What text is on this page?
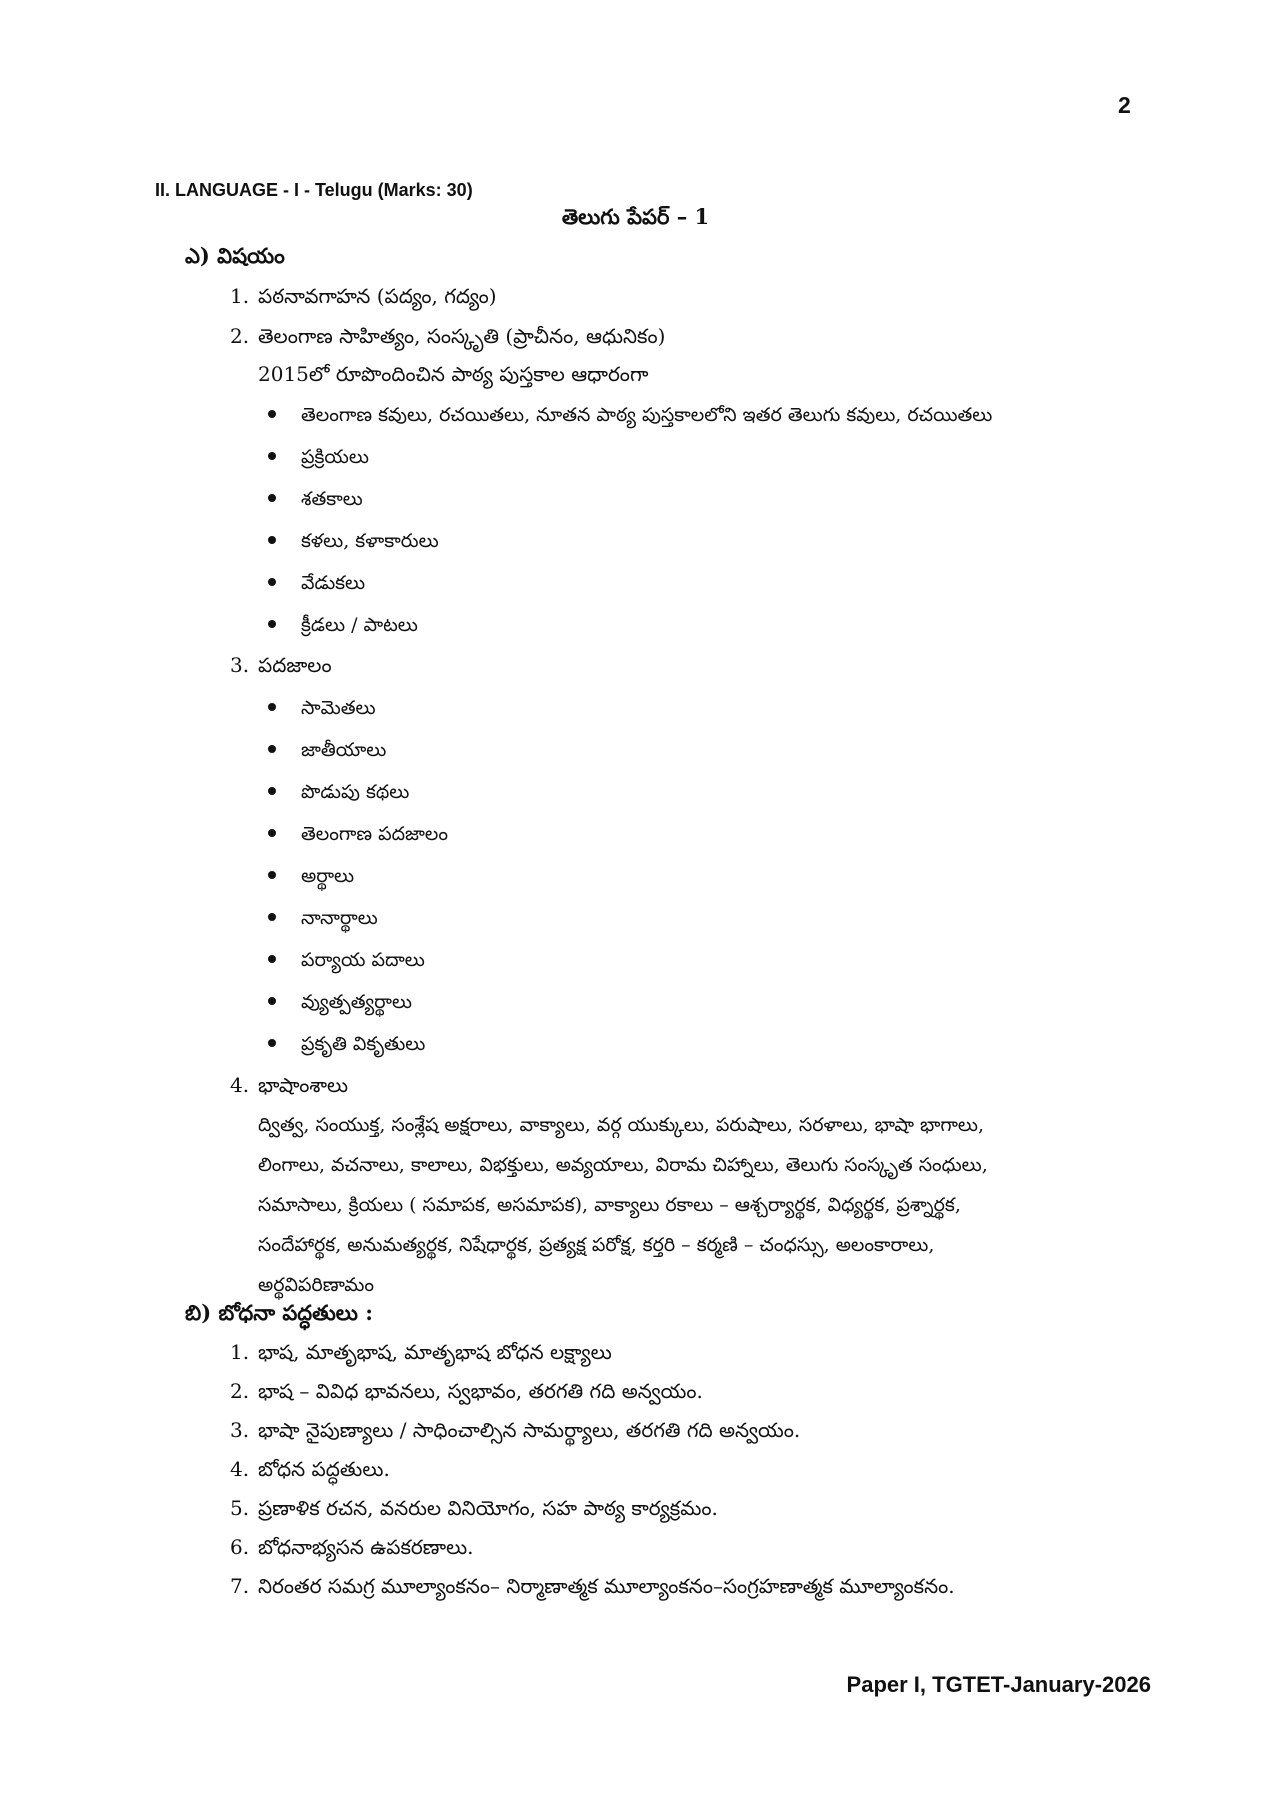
2
II. LANGUAGE - I - Telugu (Marks: 30)
తెలుగు పేపర్ – 1
ఎ) విషయం
1. పఠనావగాహన (పద్యం, గద్యం)
2. తెలంగాణ సాహిత్యం, సంస్కృతి (ప్రాచీనం, ఆధునికం)
2015లో రూపొందించిన పాఠ్య పుస్తకాల ఆధారంగా
తెలంగాణ కవులు, రచయితలు, నూతన పాఠ్య పుస్తకాలలోని ఇతర తెలుగు కవులు, రచయితలు
ప్రక్రియలు
శతకాలు
కళలు, కళాకారులు
వేడుకలు
క్రీడలు / పాటలు
3. పదజాలం
సామెతలు
జాతీయాలు
పొడుపు కథలు
తెలంగాణ పదజాలం
అర్థాలు
నానార్థాలు
పర్యాయ పదాలు
వ్యుత్పత్యర్థాలు
ప్రకృతి వికృతులు
4. భాషాంశాలు
ద్విత్వ, సంయుక్త, సంశ్లేష అక్షరాలు, వాక్యాలు, వర్గ యుక్కులు, పరుషాలు, సరళాలు, భాషా భాగాలు,
లింగాలు, వచనాలు, కాలాలు, విభక్తులు, అవ్యయాలు, విరామ చిహ్నాలు, తెలుగు సంస్కృత సంధులు,
సమాసాలు, క్రియలు ( సమాపక, అసమాపక), వాక్యాలు రకాలు – ఆశ్చర్యార్థక, విధ్యర్థక, ప్రశ్నార్థక,
సందేహార్థక, అనుమత్యర్థక, నిషేధార్థక, ప్రత్యక్ష పరోక్ష, కర్తరి – కర్మణి – చంధస్సు, అలంకారాలు,
అర్థవిపరిణామం
బి) బోధనా పద్ధతులు :
1. భాష, మాతృభాష, మాతృభాష బోధన లక్ష్యాలు
2. భాష – వివిధ భావనలు, స్వభావం, తరగతి గది అన్వయం.
3. భాషా నైపుణ్యాలు / సాధించాల్సిన సామర్థ్యాలు, తరగతి గది అన్వయం.
4. బోధన పద్ధతులు.
5. ప్రణాళిక రచన, వనరుల వినియోగం, సహ పాఠ్య కార్యక్రమం.
6. బోధనాభ్యసన ఉపకరణాలు.
7. నిరంతర సమగ్ర మూల్యాంకనం– నిర్మాణాత్మక మూల్యాంకనం–సంగ్రహణాత్మక మూల్యాంకనం.
Paper I, TGTET-January-2026
